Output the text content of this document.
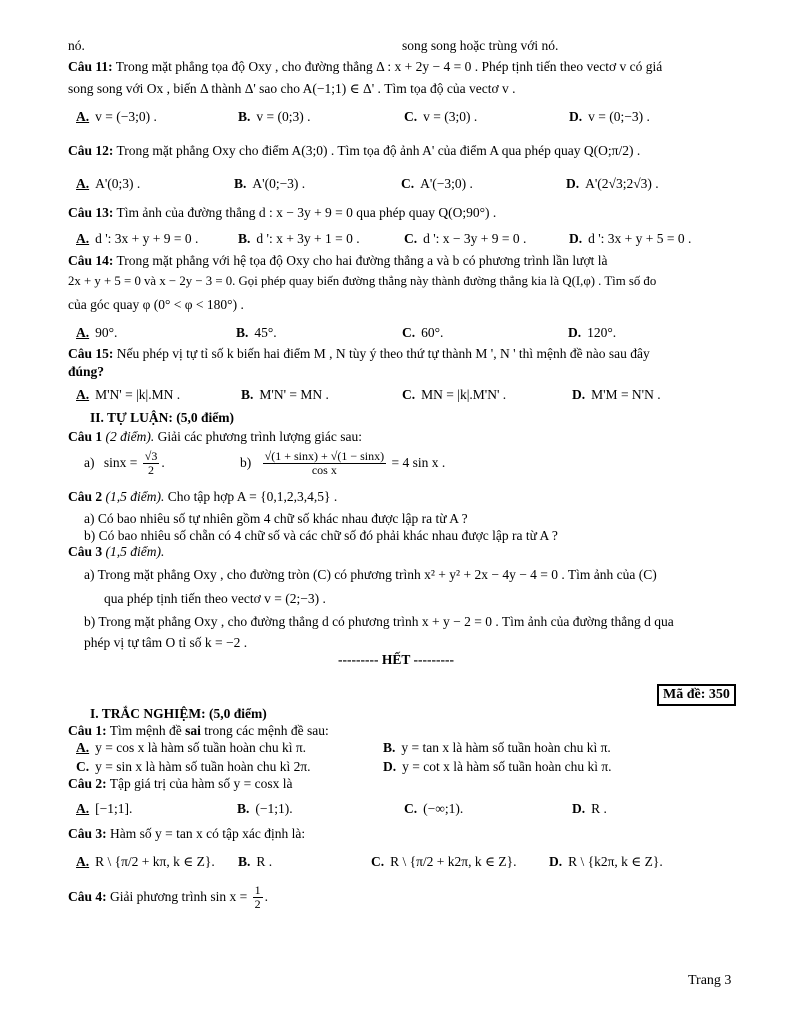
nó.	song song hoặc trùng với nó.
Câu 11: Trong mặt phẳng tọa độ Oxy , cho đường thẳng Δ : x + 2y − 4 = 0 . Phép tịnh tiến theo vectơ v có giá
song song với Ox , biến Δ thành Δ' sao cho A(−1;1) ∈ Δ' . Tìm tọa độ của vectơ v .
A. v = (−3;0) .	B. v = (0;3) .	C. v = (3;0) .	D. v = (0;−3) .
Câu 12: Trong mặt phẳng Oxy cho điểm A(3;0) . Tìm tọa độ ảnh A' của điểm A qua phép quay Q(O;π/2) .
A. A'(0;3) .	B. A'(0;−3) .	C. A'(−3;0) .	D. A'(2√3;2√3) .
Câu 13: Tìm ảnh của đường thẳng d : x − 3y + 9 = 0 qua phép quay Q(O;90°) .
A. d ': 3x + y + 9 = 0 .	B. d ': x + 3y + 1 = 0 .	C. d ': x − 3y + 9 = 0 .	D. d ': 3x + y + 5 = 0 .
Câu 14: Trong mặt phẳng với hệ tọa độ Oxy cho hai đường thẳng a và b có phương trình lần lượt là
2x + y + 5 = 0 và x − 2y − 3 = 0. Gọi phép quay biến đường thẳng này thành đường thẳng kia là Q(I,φ) . Tìm số đo
của góc quay φ (0° < φ < 180°) .
A. 90°.	B. 45°.	C. 60°.	D. 120°.
Câu 15: Nếu phép vị tự tỉ số k biến hai điểm M , N tùy ý theo thứ tự thành M ', N ' thì mệnh đề nào sau đây
đúng?
A. M'N' = |k|.MN .	B. M'N' = MN .	C. MN = |k|.M'N' .	D. M'M = N'N .
II. TỰ LUẬN: (5,0 điểm)
Câu 1 (2 điểm). Giải các phương trình lượng giác sau:
a) $\sin x = \frac{√3}{2}$ .	$b) \frac{√(1 + \sin x) + √(1 - \sin x)}{\text{cos x}} = 4$ sin x .
Câu 2 (1,5 điểm). Cho tập hợp A = {0,1,2,3,4,5} .
a) Có bao nhiêu số tự nhiên gồm 4 chữ số khác nhau được lập ra từ A ?
b) Có bao nhiêu số chẵn có 4 chữ số và các chữ số đó phải khác nhau được lập ra từ A ?
Câu 3 (1,5 điểm).
a) Trong mặt phẳng Oxy , cho đường tròn (C) có phương trình x² + y² + 2x − 4y − 4 = 0 . Tìm ảnh của (C)
qua phép tịnh tiến theo vectơ v = (2;−3) .
b) Trong mặt phẳng Oxy , cho đường thẳng d có phương trình x + y − 2 = 0 . Tìm ảnh của đường thẳng d qua
phép vị tự tâm O tỉ số k = −2 .
--------- HẾT ---------
Mã đề: 350
I. TRẮC NGHIỆM: (5,0 điểm)
Câu 1: Tìm mệnh đề sai trong các mệnh đề sau:
A. y = cos x là hàm số tuần hoàn chu kì π.	B. y = tan x là hàm số tuần hoàn chu kì π.
C. y = sin x là hàm số tuần hoàn chu kì 2π.	D. y = cot x là hàm số tuần hoàn chu kì π.
Câu 2: Tập giá trị của hàm số y = cosx là
A. [−1;1].	B. (−1;1).	C. (−∞;1).	D. R .
Câu 3: Hàm số y = tan x có tập xác định là:
A. R \ {π/2 + kπ, k ∈ Z}. B. R .	C. R \ {π/2 + k2π, k ∈ Z}. D. R \ {k2π, k ∈ Z}.
Câu 4: Giải phương trình $\sin x = \frac{1}{2}$ .
Trang 3
